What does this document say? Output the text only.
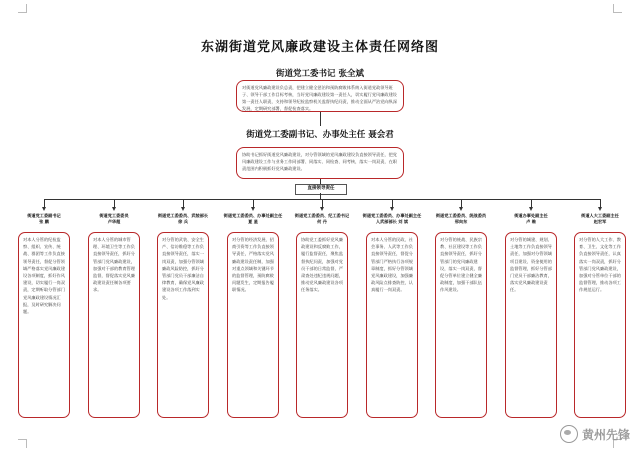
东湖街道党风廉政建设主体责任网络图
街道党工委书记 张全斌
对街道党风廉政建设负总责，把建立健全惩治和预防腐败体系纳入街道党政领导班子、领导干部工作目标考核，当好党风廉政建设第一责任人，切实履行党风廉政建设第一责任人职责，支持和领导纪检监察机关监督执纪问责，推动全面从严治党向纵深发展，定期研究部署，督促检查落实。
街道党工委副书记、办事处主任 聂会君
协助书记抓好街道党风廉政建设，对分管领域的党风廉政建设负直接领导责任，把党风廉政建设工作与业务工作同部署、同落实、同检查、同考核，落实一岗双责，在职责范围内积极抓好党风廉政建设。
直接领导责任
街道党工委副书记
张 鹏
对本人分管的纪检监察、组织、宣传、统战、群团等工作负直接领导责任，督促分管领域严格落实党风廉政建设各项制度，抓好作风建设，切实履行一岗双责，定期听取分管部门党风廉政建设情况汇报，及时研究解决问题。
街道党工委委员
卢华超
对本人分管的城市管理、环境卫生等工作负直接领导责任，抓好分管部门党风廉政建设，加强对干部的教育管理监督，督促落实党风廉政建设责任制各项要求。
街道党工委委员、武装部长
徐 兵
对分管的武装、安全生产、信访维稳等工作负直接领导责任，落实一岗双责，加强分管领域廉政风险防控，抓好分管部门党员干部廉洁自律教育，确保党风廉政建设各项工作落到实处。
街道党工委委员、办事处副主任
夏 星
对分管的经济发展、招商引资等工作负直接领导责任，严格落实党风廉政建设责任制，加强对重点领域和关键环节的监督管理，预防腐败问题发生，定期报告履职情况。
街道党工委委员、纪工委书记
何 丹
协助党工委抓好党风廉政建设和反腐败工作，履行监督责任，聚焦监督执纪问责，加强对党员干部的日常监督，严肃查处违纪违规问题，推动党风廉政建设各项任务落实。
街道党工委委员、办事处副主任
人武部部长 刘 斌
对本人分管的民政、社会事务、人武等工作负直接领导责任，督促分管部门严格执行各项规章制度，抓好分管领域党风廉政建设，加强廉政风险点排查防控，认真履行一岗双责。
街道党工委委员、统战委员
邢向东
对分管的统战、民族宗教、社区建设等工作负直接领导责任，抓好分管部门的党风廉政建设，落实一岗双责，督促分管单位建立健全廉政制度，加强干部队伍作风建设。
街道办事处副主任
卢 维
对分管的城建、规划、土地等工作负直接领导责任，加强对分管领域项目建设、资金使用的监督管理，抓好分管部门党员干部廉洁教育，落实党风廉政建设责任。
街道人大工委副主任
赵宏军
对分管的人大工作、教育、卫生、文化等工作负直接领导责任，认真落实一岗双责，抓好分管部门党风廉政建设，加强对分管单位干部的监督管理，推动各项工作规范运行。
黄州先锋
